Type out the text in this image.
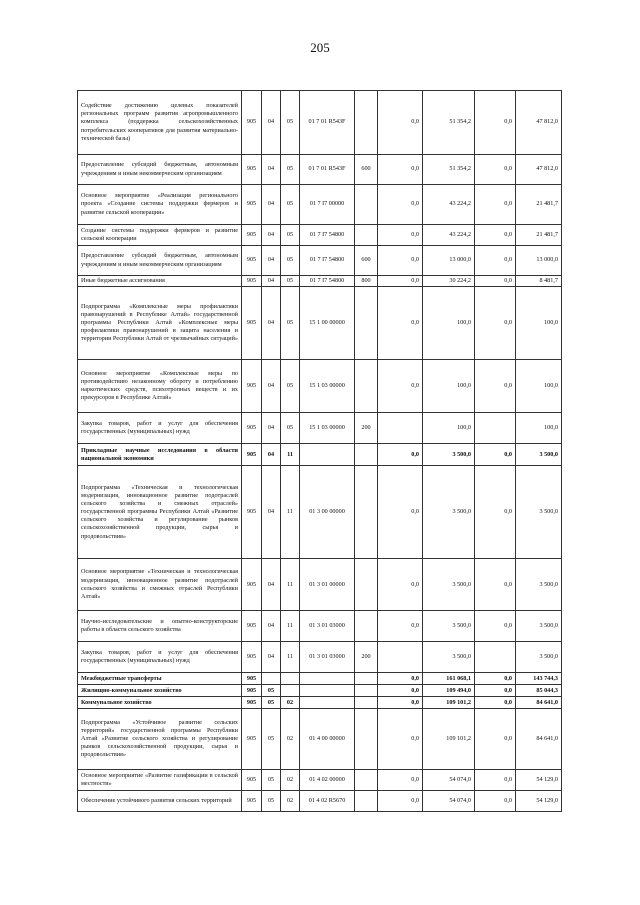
205
Содействие достижению целевых показателей региональных программ развития агропромышленного комплекса (поддержка сельскохозяйственных потребительских кооперативов для развития материально-технической базы)	905	04	05	01 7 01 R543F		0,0	51 354,2	0,0	47 812,0
Предоставление субсидий бюджетным, автономным учреждениям и иным некоммерческим организациям	905	04	05	01 7 01 R543F	600	0,0	51 354,2	0,0	47 812,0
Основное мероприятие «Реализация регионального проекта «Создание системы поддержки фермеров и развитие сельской кооперации»	905	04	05	01 7 I7 00000		0,0	43 224,2	0,0	21 481,7
Создание системы поддержки фермеров и развитие сельской кооперации	905	04	05	01 7 I7 54800		0,0	43 224,2	0,0	21 481,7
Предоставление субсидий бюджетным, автономным учреждениям и иным некоммерческим организациям	905	04	05	01 7 I7 54800	600	0,0	13 000,0	0,0	13 000,0
Иные бюджетные ассигнования	905	04	05	01 7 I7 54800	800	0,0	30 224,2	0,0	8 481,7
Подпрограмма «Комплексные меры профилактики правонарушений в Республике Алтай» государственной программы Республики Алтай «Комплексные меры профилактики правонарушений и защита населения и территории Республики Алтай от чрезвычайных ситуаций»	905	04	05	15 1 00 00000		0,0	100,0	0,0	100,0
Основное мероприятие «Комплексные меры по противодействию незаконному обороту и потреблению наркотических средств, психотропных веществ и их прекурсоров в Республике Алтай»	905	04	05	15 1 03 00000		0,0	100,0	0,0	100,0
Закупка товаров, работ и услуг для обеспечения государственных (муниципальных) нужд	905	04	05	15 1 03 00000	200		100,0		100,0
Прикладные научные исследования в области национальной экономики	905	04	11			0,0	3 500,0	0,0	3 500,0
Подпрограмма «Техническая и технологическая модернизация, инновационное развитие подотраслей сельского хозяйства и смежных отраслей» государственной программы Республики Алтай «Развитие сельского хозяйства и регулирование рынков сельскохозяйственной продукции, сырья и продовольствия»	905	04	11	01 3 00 00000		0,0	3 500,0	0,0	3 500,0
Основное мероприятие «Техническая и технологическая модернизация, инновационное развитие подотраслей сельского хозяйства и смежных отраслей Республики Алтай»	905	04	11	01 3 01 00000		0,0	3 500,0	0,0	3 500,0
Научно-исследовательские и опытно-конструкторские работы в области сельского хозяйства	905	04	11	01 3 01 03000		0,0	3 500,0	0,0	3 500,0
Закупка товаров, работ и услуг для обеспечения государственных (муниципальных) нужд	905	04	11	01 3 01 03000	200		3 500,0		3 500,0
Межбюджетные трансферты	905					0,0	161 068,1	0,0	143 744,3
Жилищно-коммунальное хозяйство	905	05				0,0	109 494,0	0,0	85 044,3
Коммунальное хозяйство	905	05	02			0,0	109 101,2	0,0	84 641,0
Подпрограмма «Устойчивое развитие сельских территорий» государственной программы Республики Алтай «Развитие сельского хозяйства и регулирование рынков сельскохозяйственной продукции, сырья и продовольствия»	905	05	02	01 4 00 00000		0,0	109 101,2	0,0	84 641,0
Основное мероприятие «Развитие газификации в сельской местности»	905	05	02	01 4 02 00000		0,0	54 074,0	0,0	54 129,0
Обеспечение устойчивого развития сельских территорий	905	05	02	01 4 02 R5670		0,0	54 074,0	0,0	54 129,0
